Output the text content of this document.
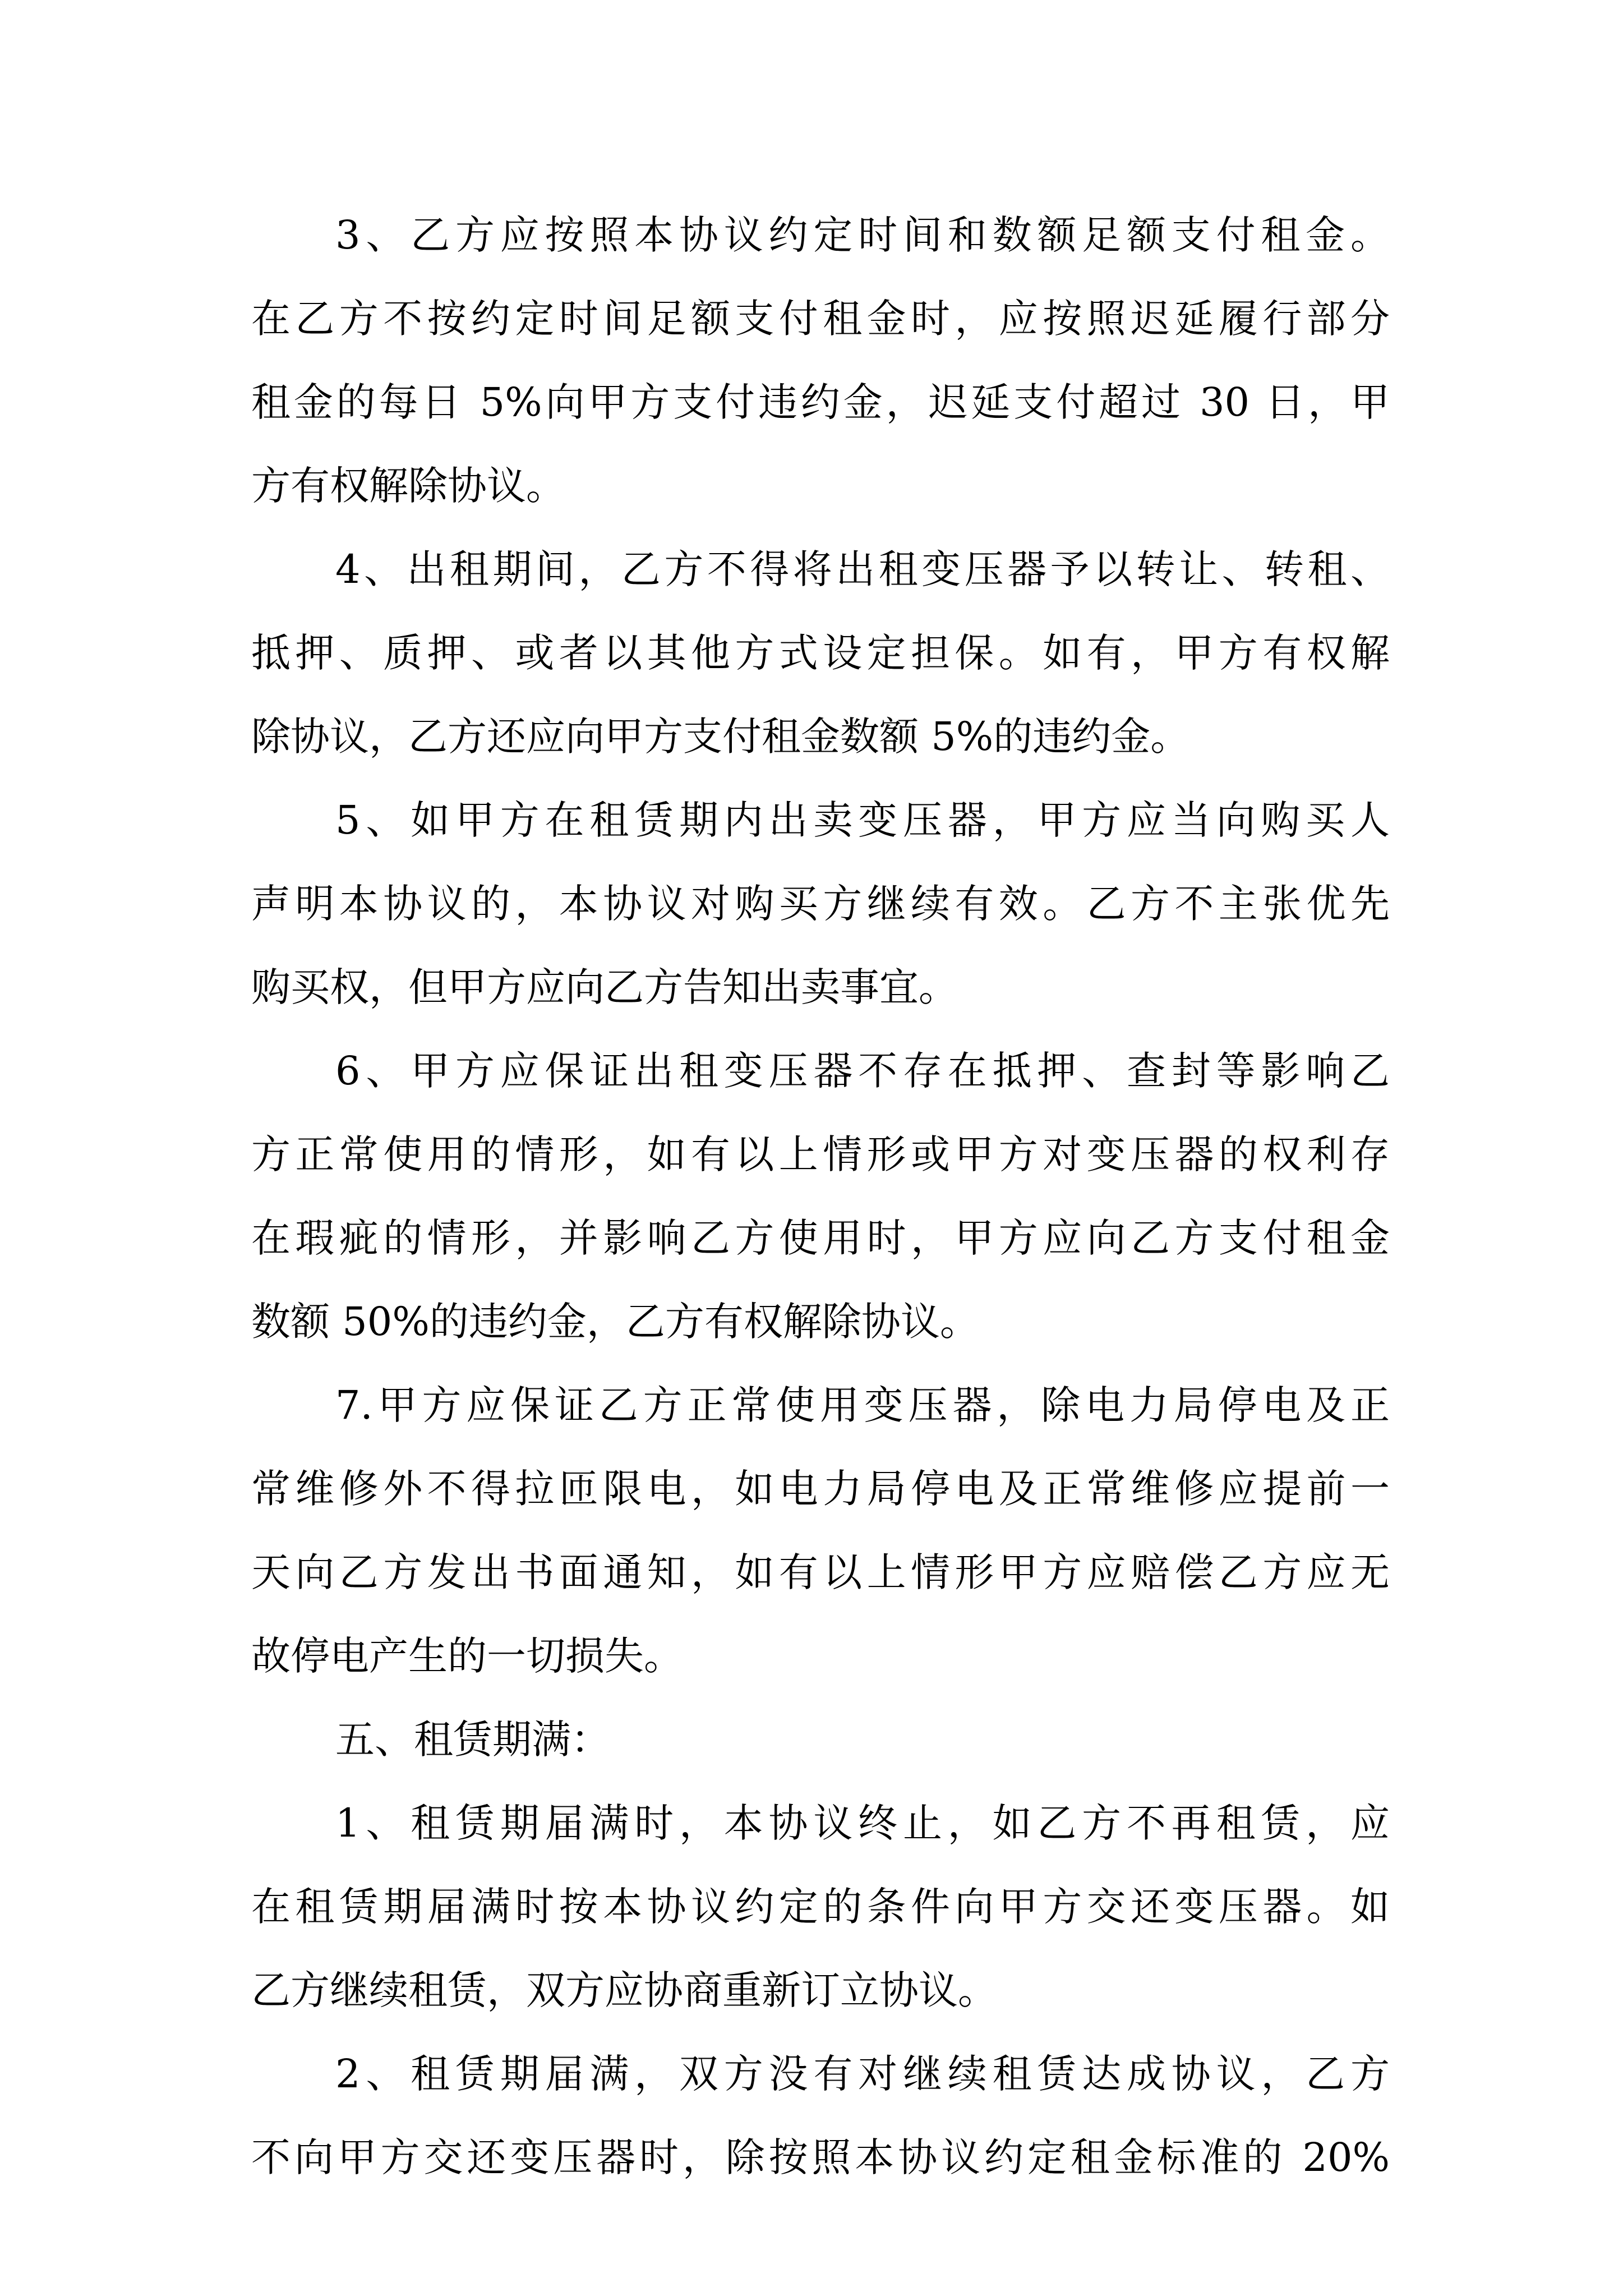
3、乙方应按照本协议约定时间和数额足额支付租金。
在乙方不按约定时间足额支付租金时，应按照迟延履行部分
租金的每日 5%向甲方支付违约金，迟延支付超过 30 日，甲
方有权解除协议。
4、出租期间，乙方不得将出租变压器予以转让、转租、
抵押、质押、或者以其他方式设定担保。如有，甲方有权解
除协议，乙方还应向甲方支付租金数额 5%的违约金。
5、如甲方在租赁期内出卖变压器，甲方应当向购买人
声明本协议的，本协议对购买方继续有效。乙方不主张优先
购买权，但甲方应向乙方告知出卖事宜。
6、甲方应保证出租变压器不存在抵押、查封等影响乙
方正常使用的情形，如有以上情形或甲方对变压器的权利存
在瑕疵的情形，并影响乙方使用时，甲方应向乙方支付租金
数额 50%的违约金，乙方有权解除协议。
7.甲方应保证乙方正常使用变压器，除电力局停电及正
常维修外不得拉匝限电，如电力局停电及正常维修应提前一
天向乙方发出书面通知，如有以上情形甲方应赔偿乙方应无
故停电产生的一切损失。
五、租赁期满：
1、租赁期届满时，本协议终止，如乙方不再租赁，应
在租赁期届满时按本协议约定的条件向甲方交还变压器。如
乙方继续租赁，双方应协商重新订立协议。
2、租赁期届满，双方没有对继续租赁达成协议，乙方
不向甲方交还变压器时，除按照本协议约定租金标准的 20%
